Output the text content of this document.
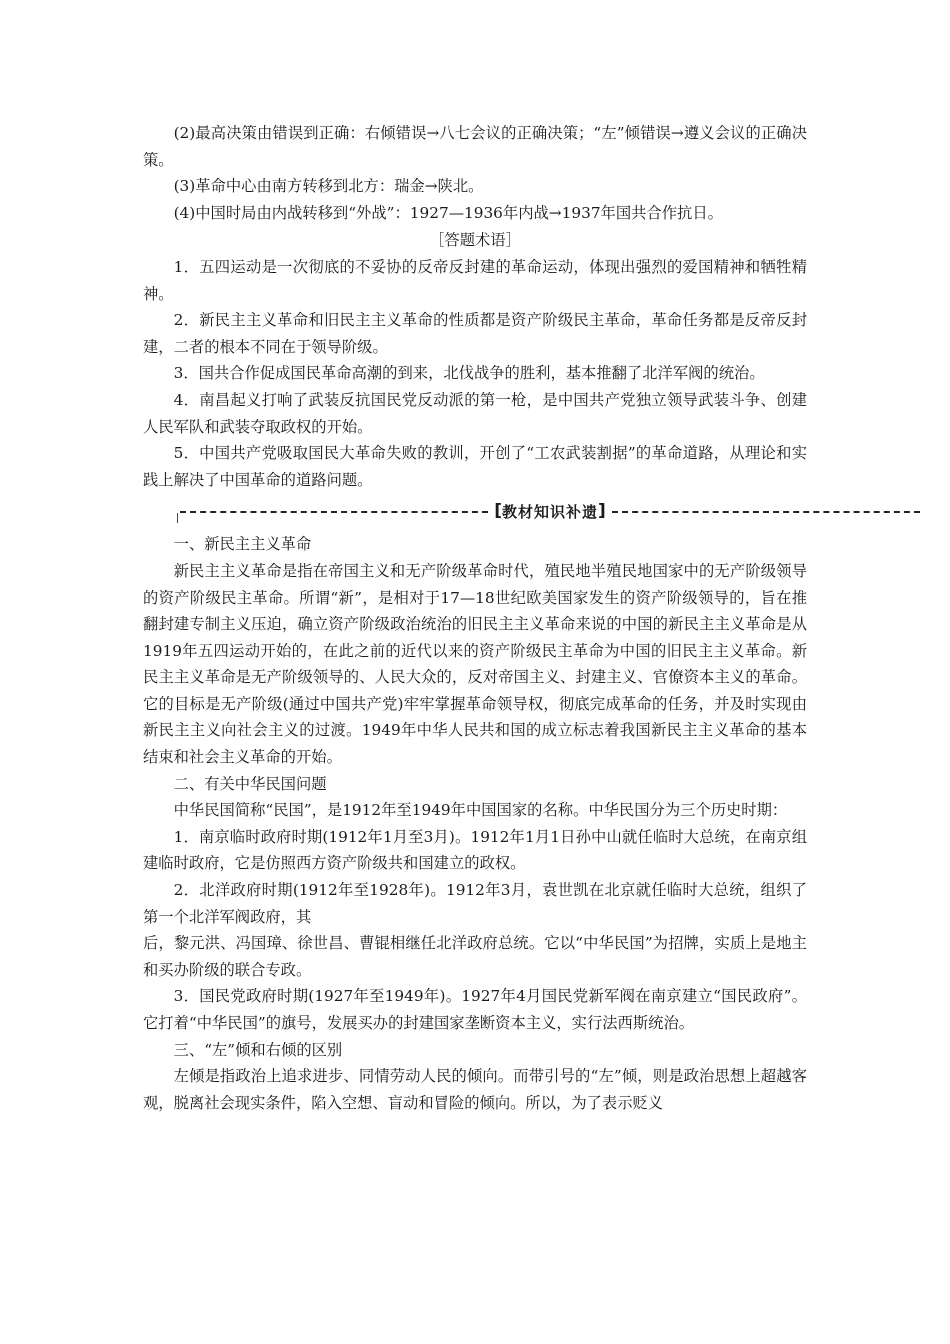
(2)最高决策由错误到正确：右倾错误→八七会议的正确决策；“左”倾错误→遵义会议的正确决策。

(3)革命中心由南方转移到北方：瑞金→陕北。

(4)中国时局由内战转移到“外战”：1927—1936年内战→1937年国共合作抗日。

［答题术语］

1．五四运动是一次彻底的不妥协的反帝反封建的革命运动，体现出强烈的爱国精神和牺牲精神。

2．新民主主义革命和旧民主主义革命的性质都是资产阶级民主革命，革命任务都是反帝反封建，二者的根本不同在于领导阶级。

3．国共合作促成国民革命高潮的到来，北伐战争的胜利，基本推翻了北洋军阀的统治。

4．南昌起义打响了武装反抗国民党反动派的第一枪，是中国共产党独立领导武装斗争、创建人民军队和武装夺取政权的开始。

5．中国共产党吸取国民大革命失败的教训，开创了“工农武装割据”的革命道路，从理论和实践上解决了中国革命的道路问题。

[ 教材知识补遗 ]

一、新民主主义革命

新民主主义革命是指在帝国主义和无产阶级革命时代，殖民地半殖民地国家中的无产阶级领导的资产阶级民主革命。所谓“新”，是相对于17—18世纪欧美国家发生的资产阶级领导的，旨在推翻封建专制主义压迫，确立资产阶级政治统治的旧民主主义革命来说的中国的新民主主义革命是从1919年五四运动开始的，在此之前的近代以来的资产阶级民主革命为中国的旧民主主义革命。新民主主义革命是无产阶级领导的、人民大众的，反对帝国主义、封建主义、官僚资本主义的革命。它的目标是无产阶级(通过中国共产党)牢牢掌握革命领导权，彻底完成革命的任务，并及时实现由新民主主义向社会主义的过渡。1949年中华人民共和国的成立标志着我国新民主主义革命的基本结束和社会主义革命的开始。

二、有关中华民国问题

中华民国简称“民国”，是1912年至1949年中国国家的名称。中华民国分为三个历史时期：

1．南京临时政府时期(1912年1月至3月)。1912年1月1日孙中山就任临时大总统，在南京组建临时政府，它是仿照西方资产阶级共和国建立的政权。

2．北洋政府时期(1912年至1928年)。1912年3月，袁世凯在北京就任临时大总统，组织了第一个北洋军阀政府，其

后，黎元洪、冯国璋、徐世昌、曹锟相继任北洋政府总统。它以“中华民国”为招牌，实质上是地主和买办阶级的联合专政。

3．国民党政府时期(1927年至1949年)。1927年4月国民党新军阀在南京建立“国民政府”。它打着“中华民国”的旗号，发展买办的封建国家垄断资本主义，实行法西斯统治。

三、“左”倾和右倾的区别

左倾是指政治上追求进步、同情劳动人民的倾向。而带引号的“左”倾，则是政治思想上超越客观，脱离社会现实条件，陷入空想、盲动和冒险的倾向。所以，为了表示贬义
